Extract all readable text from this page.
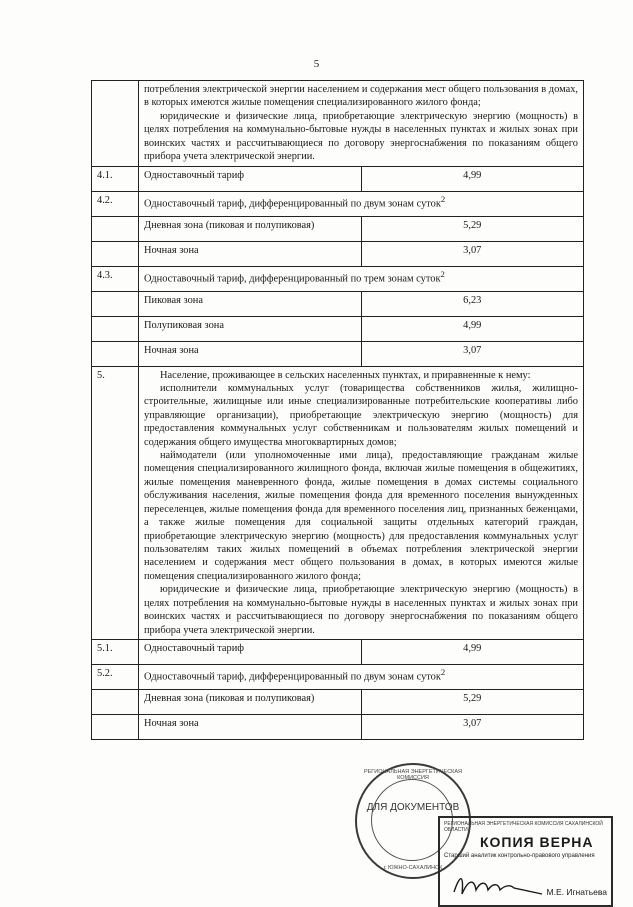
5

	потребления электрической энергии населением и содержания мест общего пользования в домах, в которых имеются жилые помещения специализированного жилого фонда;

юридические и физические лица, приобретающие электрическую энергию (мощность) в целях потребления на коммунально-бытовые нужды в населенных пунктах и жилых зонах при воинских частях и рассчитывающиеся по договору энергоснабжения по показаниям общего прибора учета электрической энергии.	

4.1.	Одноставочный тариф	4,99
4.2.	Одноставочный тариф, дифференцированный по двум зонам суток$^2$
	Дневная зона (пиковая и полупиковая)	5,29
	Ночная зона	3,07
4.3.	Одноставочный тариф, дифференцированный по трем зонам суток$^2$
	Пиковая зона	6,23
	Полупиковая зона	4,99
	Ночная зона	3,07
5.	Население, проживающее в сельских населенных пунктах, и приравненные к нему:

исполнители коммунальных услуг (товарищества собственников жилья, жилищно-строительные, жилищные или иные специализированные потребительские кооперативы либо управляющие организации), приобретающие электрическую энергию (мощность) для предоставления коммунальных услуг собственникам и пользователям жилых помещений и содержания общего имущества многоквартирных домов;

наймодатели (или уполномоченные ими лица), предоставляющие гражданам жилые помещения специализированного жилищного фонда, включая жилые помещения в общежитиях, жилые помещения маневренного фонда, жилые помещения в домах системы социального обслуживания населения, жилые помещения фонда для временного поселения вынужденных переселенцев, жилые помещения фонда для временного поселения лиц, признанных беженцами, а также жилые помещения для социальной защиты отдельных категорий граждан, приобретающие электрическую энергию (мощность) для предоставления коммунальных услуг пользователям таких жилых помещений в объемах потребления электрической энергии населением и содержания мест общего пользования в домах, в которых имеются жилые помещения специализированного жилого фонда;

юридические и физические лица, приобретающие электрическую энергию (мощность) в целях потребления на коммунально-бытовые нужды в населенных пунктах и жилых зонах при воинских частях и рассчитывающиеся по договору энергоснабжения по показаниям общего прибора учета электрической энергии.	

5.1.	Одноставочный тариф	4,99
5.2.	Одноставочный тариф, дифференцированный по двум зонам суток$^2$
	Дневная зона (пиковая и полупиковая)	5,29
	Ночная зона	3,07
РЕГИОНАЛЬНАЯ ЭНЕРГЕТИЧЕСКАЯ КОМИССИЯ
ДЛЯ ДОКУМЕНТОВ
г. ЮЖНО-САХАЛИНСК
РЕГИОНАЛЬНАЯ ЭНЕРГЕТИЧЕСКАЯ КОМИССИЯ САХАЛИНСКОЙ ОБЛАСТИ
КОПИЯ ВЕРНА
Старший аналитик контрольно-правового управления
М.Е. Игнатьева
